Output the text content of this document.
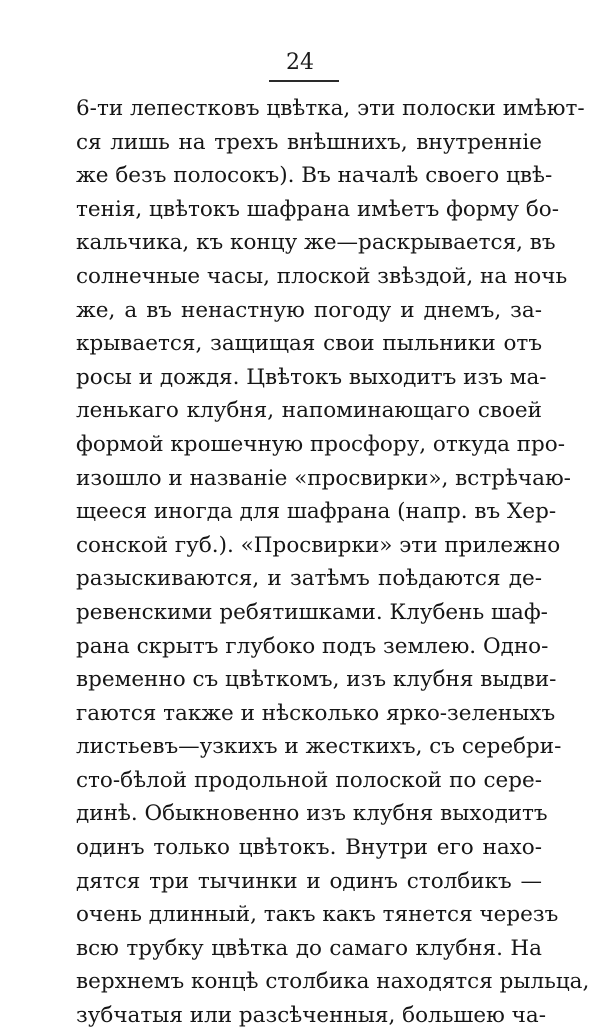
24
6-ти лепестковъ цвѣтка, эти полоски имѣют-
ся лишь на трехъ внѣшнихъ, внутренніе
же безъ полосокъ). Въ началѣ своего цвѣ-
тенія, цвѣтокъ шафрана имѣетъ форму бо-
кальчика, къ концу же—раскрывается, въ
солнечные часы, плоской звѣздой, на ночь
же, а въ ненастную погоду и днемъ, за-
крывается, защищая свои пыльники отъ
росы и дождя. Цвѣтокъ выходитъ изъ ма-
ленькаго клубня, напоминающаго своей
формой крошечную просфору, откуда про-
изошло и названіе «просвирки», встрѣчаю-
щееся иногда для шафрана (напр. въ Хер-
сонской губ.). «Просвирки» эти прилежно
разыскиваются, и затѣмъ поѣдаются де-
ревенскими ребятишками. Клубень шаф-
рана скрытъ глубоко подъ землею. Одно-
временно съ цвѣткомъ, изъ клубня выдви-
гаются также и нѣсколько ярко-зеленыхъ
листьевъ—узкихъ и жесткихъ, съ серебри-
сто-бѣлой продольной полоской по сере-
динѣ. Обыкновенно изъ клубня выходитъ
одинъ только цвѣтокъ. Внутри его нахо-
дятся три тычинки и одинъ столбикъ —
очень длинный, такъ какъ тянется черезъ
всю трубку цвѣтка до самаго клубня. На
верхнемъ концѣ столбика находятся рыльца,
зубчатыя или разсѣченныя, большею ча-
